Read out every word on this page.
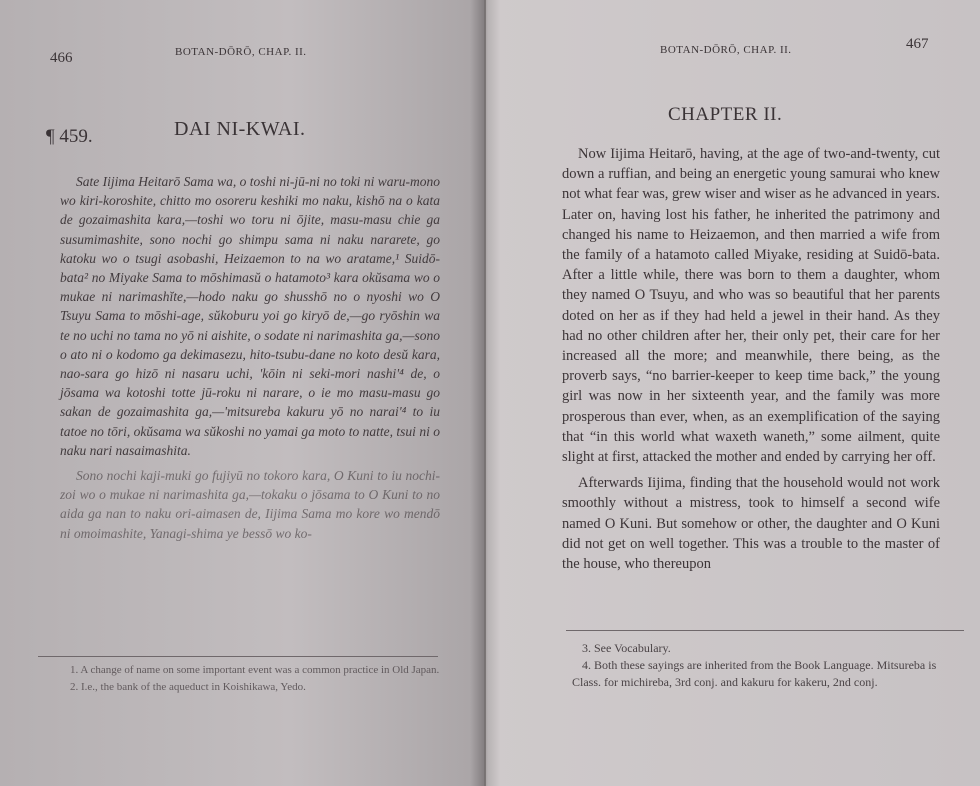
466	BOTAN-DŌRŌ, CHAP. II.
¶ 459.	DAI NI-KWAI.

Sate Iijima Heitarō Sama wa, o toshi ni-jū-ni no toki ni waru-mono wo kiri-koroshite, chitto mo osoreru keshiki mo naku, kishō na o kata de gozaimashita kara,—toshi wo toru ni ōjite, masu-masu chie ga susumimashite, sono nochi go shimpu sama ni naku nararete, go katoku wo o tsugi asobashi, Heizaemon to na wo aratame,¹ Suidō-bata² no Miyake Sama to mōshimasŭ o hatamoto³ kara okŭsama wo o mukae ni narimashĭte,—hodo naku go shusshō no o nyoshi wo O Tsuyu Sama to mōshi-age, sŭkoburu yoi go kiryō de,—go ryōshin wa te no uchi no tama no yō ni aishite, o sodate ni narimashita ga,—sono o ato ni o kodomo ga dekimasezu, hito-tsubu-dane no koto desŭ kara, nao-sara go hizō ni nasaru uchi, 'kōin ni seki-mori nashi'⁴ de, o jōsama wa kotoshi totte jū-roku ni narare, o ie mo masu-masu go sakan de gozaimashita ga,—'mitsureba kakuru yō no narai'⁴ to iu tatoe no tōri, okŭsama wa sŭkoshi no yamai ga moto to natte, tsui ni o naku nari nasaimashita.

Sono nochi kaji-muki go fujiyū no tokoro kara, O Kuni to iu nochi-zoi wo o mukae ni narimashita ga,—tokaku o jōsama to O Kuni to no aida ga nan to naku ori-aimasen de, Iijima Sama mo kore wo mendō ni omoimashite, Yanagi-shima ye bessō wo ko-

1. A change of name on some important event was a common practice in Old Japan.
2. I.e., the bank of the aqueduct in Koishikawa, Yedo.
467
BOTAN-DŌRŌ, CHAP. II.
CHAPTER II.

Now Iijima Heitarō, having, at the age of two-and-twenty, cut down a ruffian, and being an energetic young samurai who knew not what fear was, grew wiser and wiser as he advanced in years. Later on, having lost his father, he inherited the patrimony and changed his name to Heizaemon, and then married a wife from the family of a hatamoto called Miyake, residing at Suidō-bata. After a little while, there was born to them a daughter, whom they named O Tsuyu, and who was so beautiful that her parents doted on her as if they had held a jewel in their hand. As they had no other children after her, their only pet, their care for her increased all the more; and meanwhile, there being, as the proverb says, “no barrier-keeper to keep time back,” the young girl was now in her sixteenth year, and the family was more prosperous than ever, when, as an exemplification of the saying that “in this world what waxeth waneth,” some ailment, quite slight at first, attacked the mother and ended by carrying her off.

Afterwards Iijima, finding that the household would not work smoothly without a mistress, took to himself a second wife named O Kuni. But somehow or other, the daughter and O Kuni did not get on well together. This was a trouble to the master of the house, who thereupon

3. See Vocabulary.
4. Both these sayings are inherited from the Book Language. Mitsureba is Class. for michireba, 3rd conj. and kakuru for kakeru, 2nd conj.
